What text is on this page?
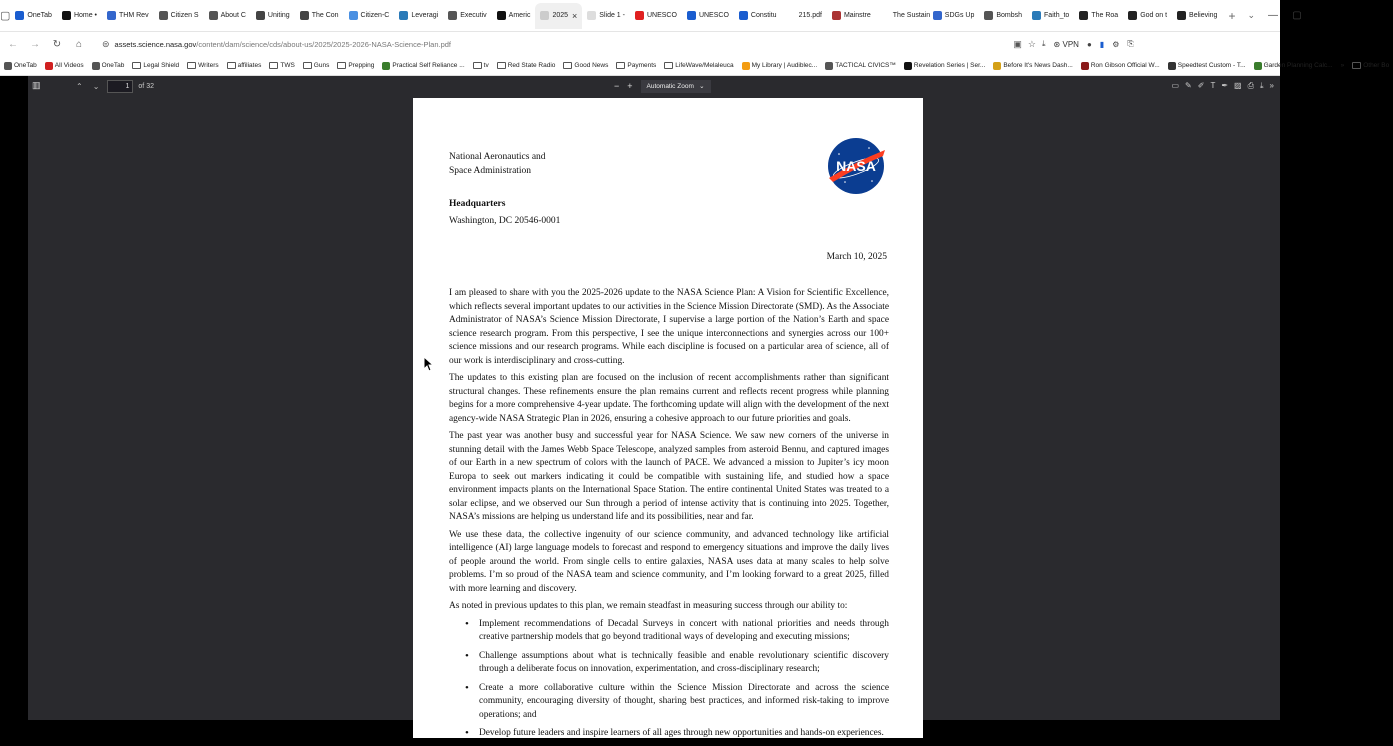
▢ OneTab	Home •	THM Rev	Citizen S	About C	Uniting	The Con	Citizen-C	Leveragi	Executiv	Americ	2025 ×	Slide 1 -	UNESCO	UNESCO	Constitu	215.pdf	Mainstre	The Sustain SDGs Up	Bombsh	Faith_to	The Roa	God on t	Believing +	⌄	—	▢
←	→	↻	⌂	⊜ assets.science.nasa.gov /content/dam/science/cds/about-us/2025/2025-2026-NASA-Science-Plan.pdf	▣ ☆ ⤓ ⊛ VPN ● ▮ ⚙ ⎘
OneTab	All Videos	OneTab	Legal Shield	Writers	affiliates	TWS	Guns	Prepping	Practical Self Reliance ...	tv	Red State Radio	Good News	Payments	LifeWave/Melaleuca	My Library | Audiblec...	TACTICAL CIVICS™	Revelation Series | Ser...	Before It's News Dash...	Ron Gibson Official W...	Speedtest Custom - T...	Garden Planning Calc...	»	Other Bo
▥	⌃ ⌄	1	of 32	− + Automatic Zoom ⌄	▭ ✎ ✐ T ✒ ▨ ⎙ ⤓ »
National Aeronautics and
Space Administration	NASA
Headquarters
Washington, DC 20546-0001
March 10, 2025

I am pleased to share with you the 2025-2026 update to the NASA Science Plan: A Vision for Scientific Excellence, which reflects several important updates to our activities in the Science Mission Directorate (SMD). As the Associate Administrator of NASA’s Science Mission Directorate, I supervise a large portion of the Nation’s Earth and space science research program. From this perspective, I see the unique interconnections and synergies across our 100+ science missions and our research programs. While each discipline is focused on a particular area of science, all of our work is interdisciplinary and cross-cutting.

The updates to this existing plan are focused on the inclusion of recent accomplishments rather than significant structural changes. These refinements ensure the plan remains current and reflects recent progress while planning begins for a more comprehensive 4-year update. The forthcoming update will align with the development of the next agency-wide NASA Strategic Plan in 2026, ensuring a cohesive approach to our future priorities and goals.

The past year was another busy and successful year for NASA Science. We saw new corners of the universe in stunning detail with the James Webb Space Telescope, analyzed samples from asteroid Bennu, and captured images of our Earth in a new spectrum of colors with the launch of PACE. We advanced a mission to Jupiter’s icy moon Europa to seek out markers indicating it could be compatible with sustaining life, and studied how a space environment impacts plants on the International Space Station. The entire continental United States was treated to a solar eclipse, and we observed our Sun through a period of intense activity that is continuing into 2025. Together, NASA’s missions are helping us understand life and its possibilities, near and far.

We use these data, the collective ingenuity of our science community, and advanced technology like artificial intelligence (AI) large language models to forecast and respond to emergency situations and improve the daily lives of people around the world. From single cells to entire galaxies, NASA uses data at many scales to help solve problems. I’m so proud of the NASA team and science community, and I’m looking forward to a great 2025, filled with more learning and discovery.

As noted in previous updates to this plan, we remain steadfast in measuring success through our ability to:

• Implement recommendations of Decadal Surveys in concert with national priorities and needs through creative partnership models that go beyond traditional ways of developing and executing missions;
• Challenge assumptions about what is technically feasible and enable revolutionary scientific discovery through a deliberate focus on innovation, experimentation, and cross-disciplinary research;
• Create a more collaborative culture within the Science Mission Directorate and across the science community, encouraging diversity of thought, sharing best practices, and informed risk-taking to improve operations; and
• Develop future leaders and inspire learners of all ages through new opportunities and hands-on experiences.
